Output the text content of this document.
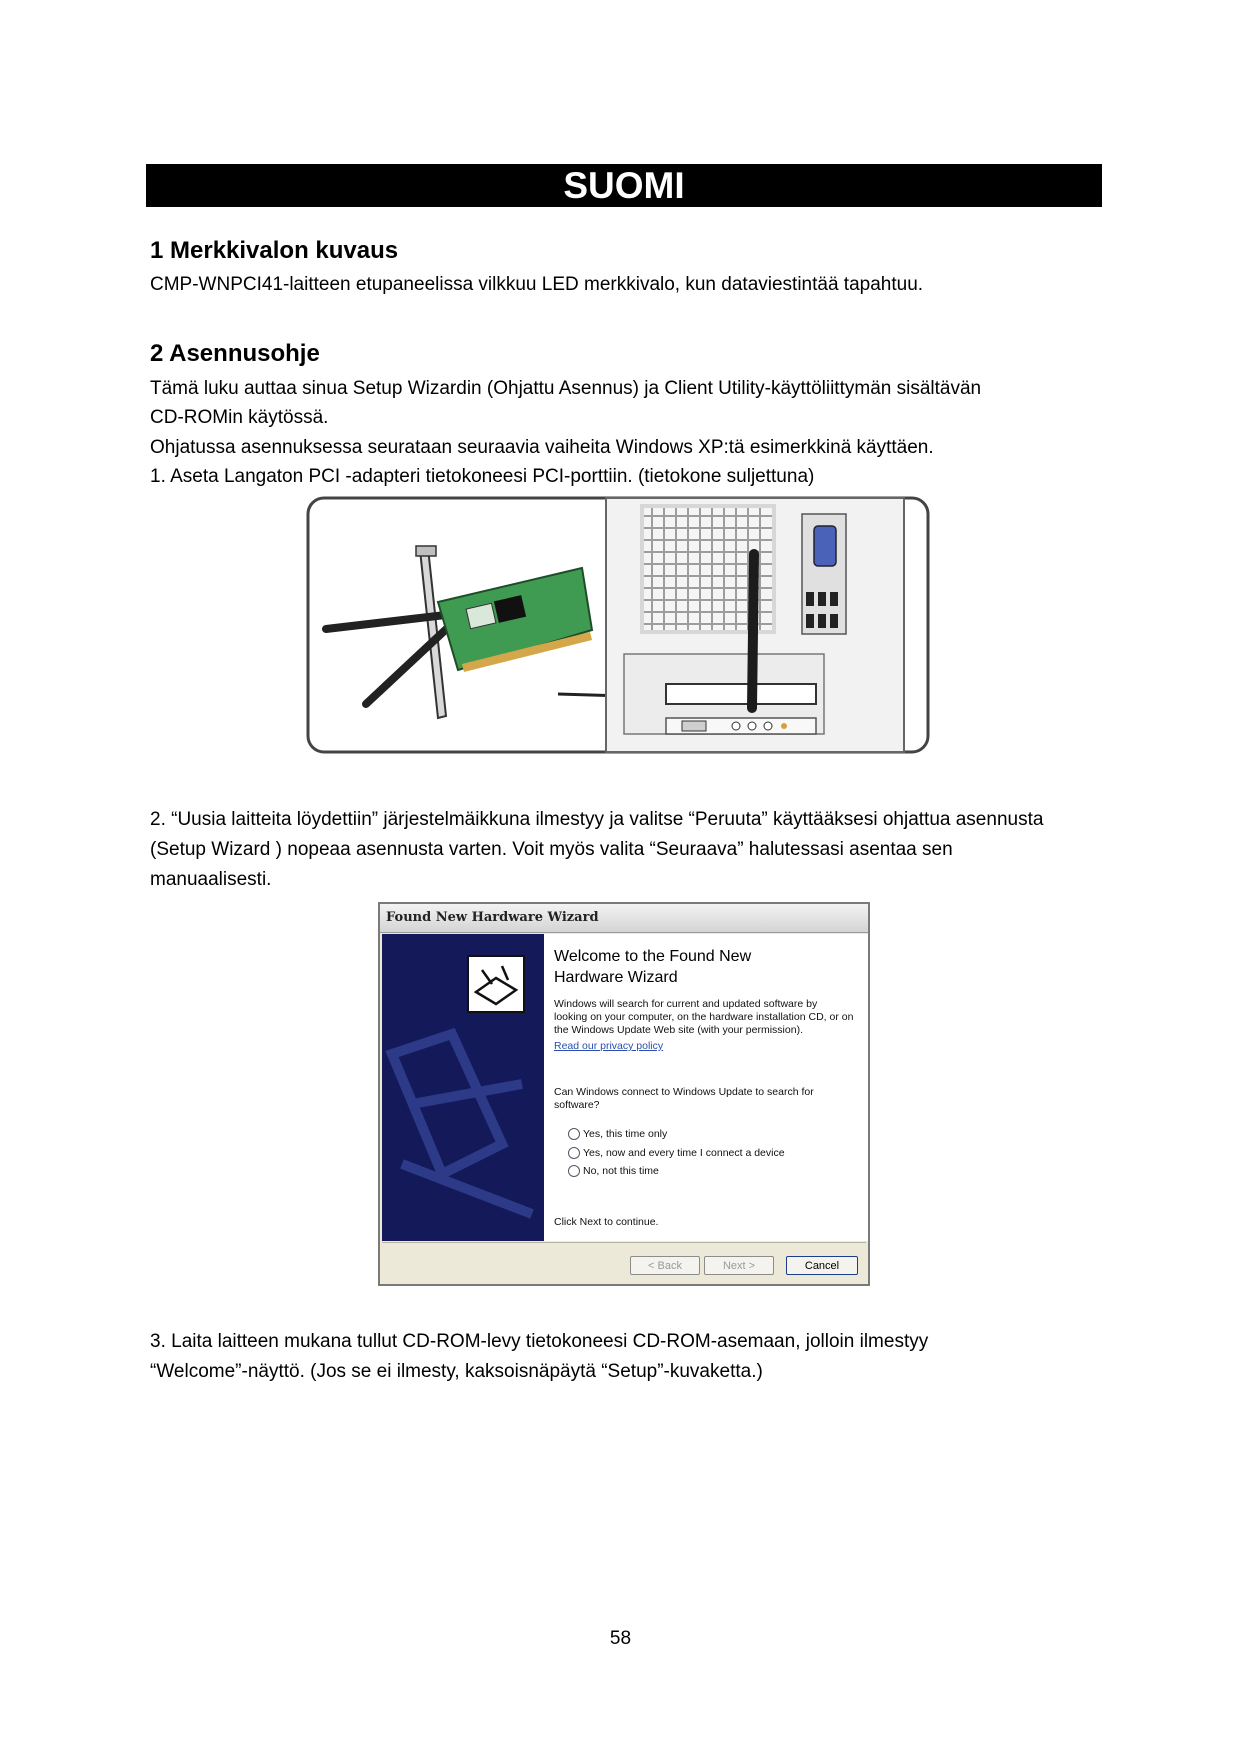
SUOMI
1 Merkkivalon kuvaus
CMP-WNPCI41-laitteen etupaneelissa vilkkuu LED merkkivalo, kun dataviestintää tapahtuu.
2 Asennusohje
Tämä luku auttaa sinua Setup Wizardin (Ohjattu Asennus) ja Client Utility-käyttöliittymän sisältävän
CD-ROMin käytössä.
Ohjatussa asennuksessa seurataan seuraavia vaiheita Windows XP:tä esimerkkinä käyttäen.
1. Aseta Langaton PCI -adapteri tietokoneesi PCI-porttiin. (tietokone suljettuna)
2. “Uusia laitteita löydettiin” järjestelmäikkuna ilmestyy ja valitse “Peruuta” käyttääksesi ohjattua asennusta
(Setup Wizard ) nopeaa asennusta varten. Voit myös valita “Seuraava” halutessasi asentaa sen
manuaalisesti.
Found New Hardware Wizard
Welcome to the Found New
Hardware Wizard
Windows will search for current and updated software by
looking on your computer, on the hardware installation CD, or on
the Windows Update Web site (with your permission).
Read our privacy policy
Can Windows connect to Windows Update to search for
software?
Yes, this time only
Yes, now and every time I connect a device
No, not this time
Click Next to continue.
< Back	Next >	Cancel
3. Laita laitteen mukana tullut CD-ROM-levy tietokoneesi CD-ROM-asemaan, jolloin ilmestyy
“Welcome”-näyttö. (Jos se ei ilmesty, kaksoisnäpäytä “Setup”-kuvaketta.)
58
